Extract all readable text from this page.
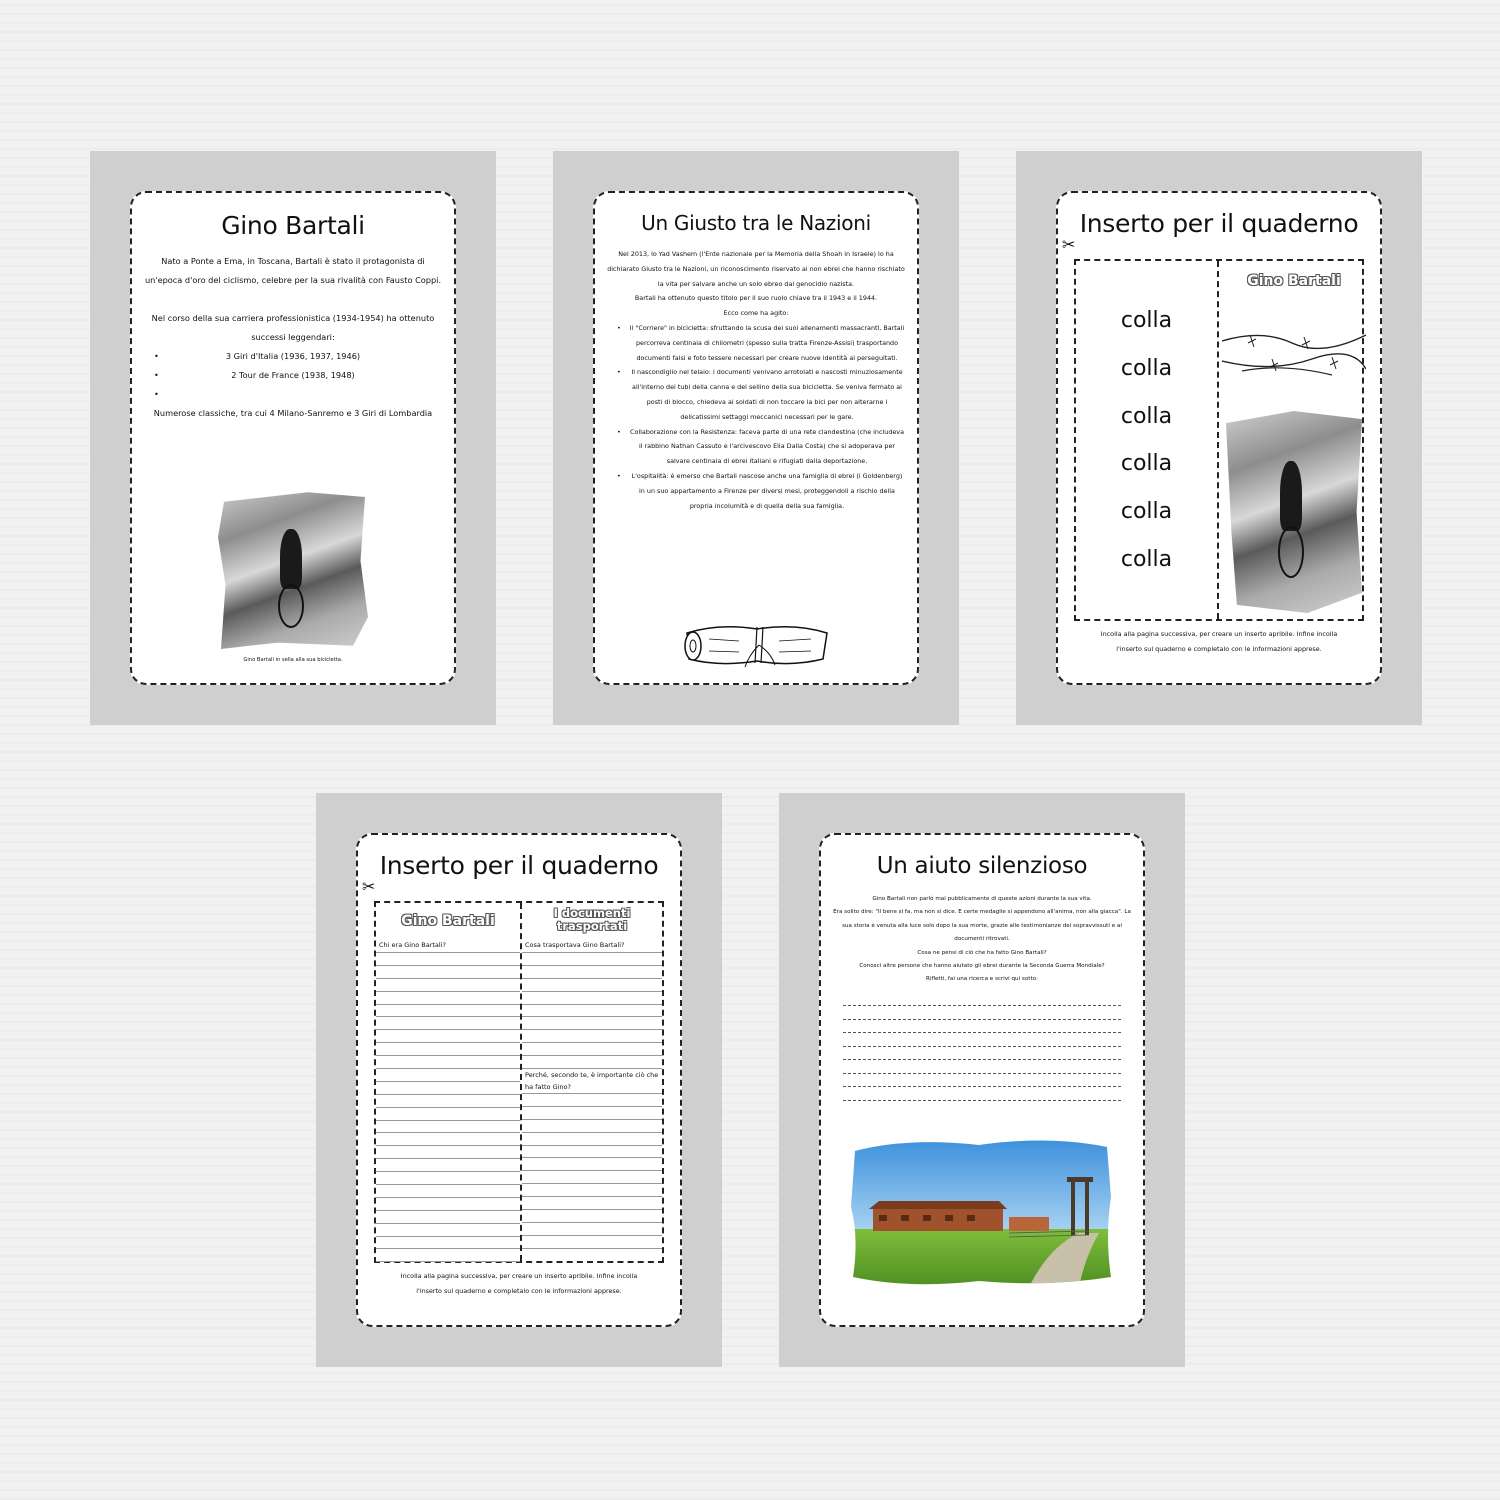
Gino Bartali
Nato a Ponte a Ema, in Toscana, Bartali è stato il protagonista di un'epoca d'oro del ciclismo, celebre per la sua rivalità con Fausto Coppi.
Nel corso della sua carriera professionistica (1934-1954) ha ottenuto successi leggendari:
•	3 Giri d'Italia (1936, 1937, 1946)
•	2 Tour de France (1938, 1948)
•
Numerose classiche, tra cui 4 Milano-Sanremo e 3 Giri di Lombardia
Gino Bartali in sella alla sua bicicletta.
Un Giusto tra le Nazioni
Nel 2013, lo Yad Vashem (l'Ente nazionale per la Memoria della Shoah in Israele) lo ha dichiarato Giusto tra le Nazioni, un riconoscimento riservato ai non ebrei che hanno rischiato la vita per salvare anche un solo ebreo dal genocidio nazista.
Bartali ha ottenuto questo titolo per il suo ruolo chiave tra il 1943 e il 1944.
Ecco come ha agito:
• Il "Corriere" in bicicletta: sfruttando la scusa dei suoi allenamenti massacranti, Bartali percorreva centinaia di chilometri (spesso sulla tratta Firenze-Assisi) trasportando documenti falsi e foto tessere necessari per creare nuove identità ai perseguitati.
• Il nascondiglio nel telaio: i documenti venivano arrotolati e nascosti minuziosamente all'interno dei tubi della canna e del sellino della sua bicicletta. Se veniva fermato ai posti di blocco, chiedeva ai soldati di non toccare la bici per non alterarne i delicatissimi settaggi meccanici necessari per le gare.
• Collaborazione con la Resistenza: faceva parte di una rete clandestina (che includeva il rabbino Nathan Cassuto e l'arcivescovo Elia Dalla Costa) che si adoperava per salvare centinaia di ebrei italiani e rifugiati dalla deportazione.
• L'ospitalità: è emerso che Bartali nascose anche una famiglia di ebrei (i Goldenberg) in un suo appartamento a Firenze per diversi mesi, proteggendoli a rischio della propria incolumità e di quella della sua famiglia.
Inserto per il quaderno
✂
colla
colla
colla
colla
colla
colla
Gino Bartali
Incolla alla pagina successiva, per creare un inserto apribile. Infine incolla l'inserto sul quaderno e completalo con le informazioni apprese.
Inserto per il quaderno
✂
Gino Bartali
Chi era Gino Bartali?
I documenti trasportati
Cosa trasportava Gino Bartali?
Perché, secondo te, è importante ciò che ha fatto Gino?
Incolla alla pagina successiva, per creare un inserto apribile. Infine incolla l'inserto sul quaderno e completalo con le informazioni apprese.
Un aiuto silenzioso
Gino Bartali non parlò mai pubblicamente di queste azioni durante la sua vita.
Era solito dire: "Il bene si fa, ma non si dice. E certe medaglie si appendono all'anima, non alla giacca". La sua storia è venuta alla luce solo dopo la sua morte, grazie alle testimonianze dei sopravvissuti e ai documenti ritrovati.
Cosa ne pensi di ciò che ha fatto Gino Bartali?
Conosci altre persone che hanno aiutato gli ebrei durante la Seconda Guerra Mondiale?
Rifletti, fai una ricerca e scrivi qui sotto:
